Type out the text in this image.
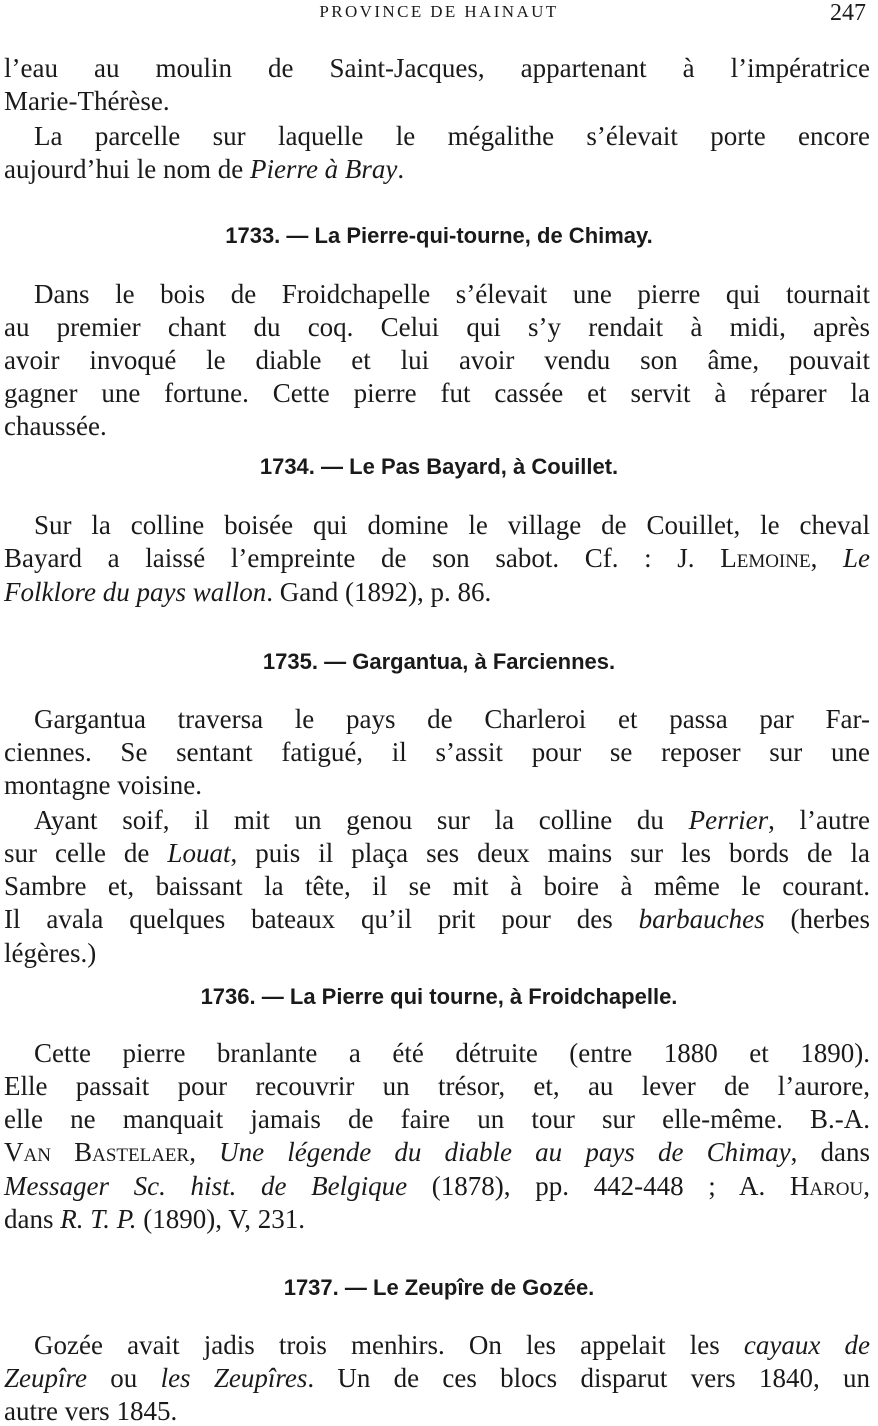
PROVINCE DE HAINAUT	247
l’eau au moulin de Saint-Jacques, appartenant à l’impératrice
Marie-Thérèse.
La parcelle sur laquelle le mégalithe s’élevait porte encore
aujourd’hui le nom de Pierre à Bray.
1733. — La Pierre-qui-tourne, de Chimay.
Dans le bois de Froidchapelle s’élevait une pierre qui tournait
au premier chant du coq. Celui qui s’y rendait à midi, après
avoir invoqué le diable et lui avoir vendu son âme, pouvait
gagner une fortune. Cette pierre fut cassée et servit à réparer la
chaussée.
1734. — Le Pas Bayard, à Couillet.
Sur la colline boisée qui domine le village de Couillet, le cheval
Bayard a laissé l’empreinte de son sabot. Cf. : J. Lemoine, Le
Folklore du pays wallon. Gand (1892), p. 86.
1735. — Gargantua, à Farciennes.
Gargantua traversa le pays de Charleroi et passa par Far-
ciennes. Se sentant fatigué, il s’assit pour se reposer sur une
montagne voisine.
Ayant soif, il mit un genou sur la colline du Perrier, l’autre
sur celle de Louat, puis il plaça ses deux mains sur les bords de la
Sambre et, baissant la tête, il se mit à boire à même le courant.
Il avala quelques bateaux qu’il prit pour des barbauches (herbes
légères.)
1736. — La Pierre qui tourne, à Froidchapelle.
Cette pierre branlante a été détruite (entre 1880 et 1890).
Elle passait pour recouvrir un trésor, et, au lever de l’aurore,
elle ne manquait jamais de faire un tour sur elle-même. B.-A.
Van Bastelaer, Une légende du diable au pays de Chimay, dans
Messager Sc. hist. de Belgique (1878), pp. 442-448 ; A. Harou,
dans R. T. P. (1890), V, 231.
1737. — Le Zeupîre de Gozée.
Gozée avait jadis trois menhirs. On les appelait les cayaux de
Zeupîre ou les Zeupîres. Un de ces blocs disparut vers 1840, un
autre vers 1845.
